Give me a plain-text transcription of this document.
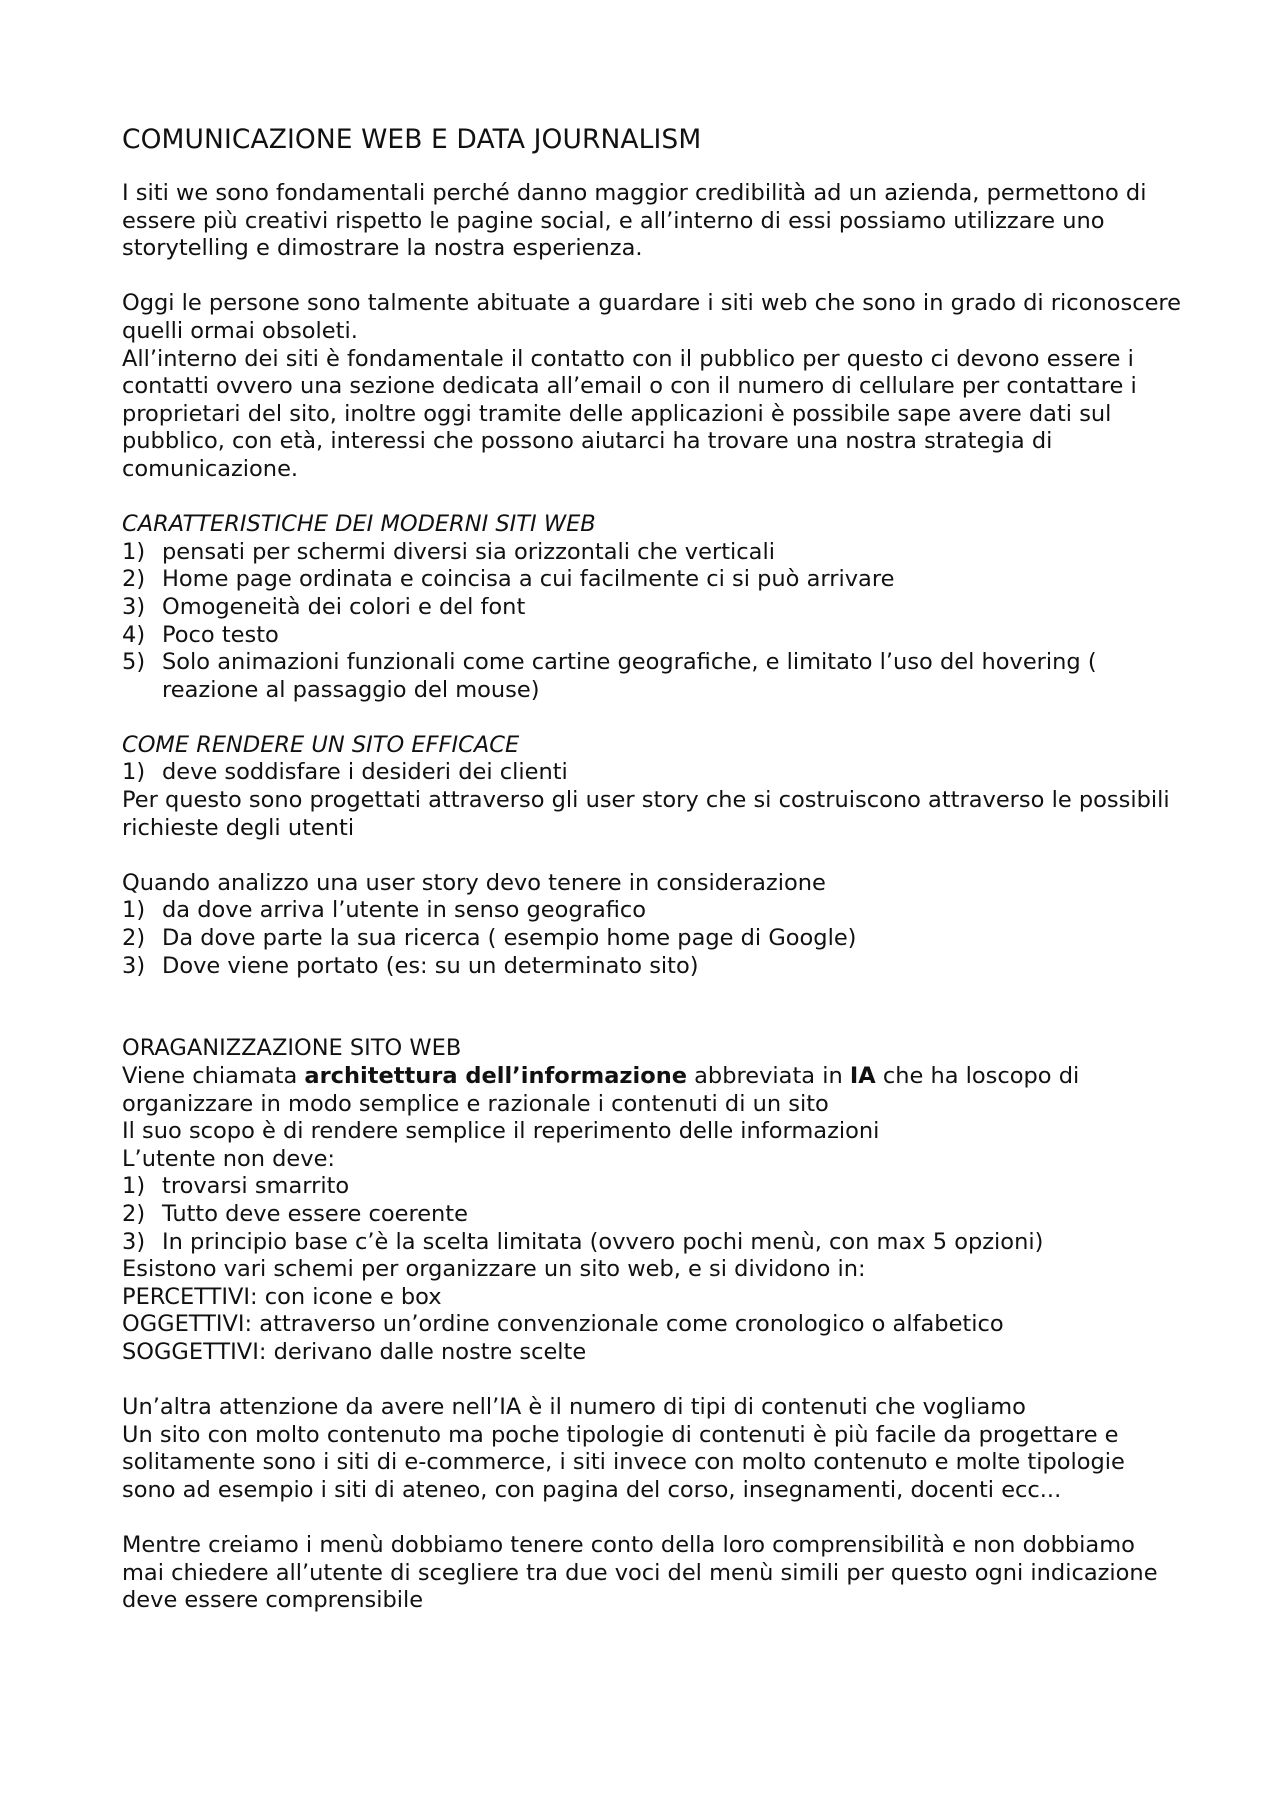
COMUNICAZIONE WEB E DATA JOURNALISM

I siti we sono fondamentali perché danno maggior credibilità ad un azienda, permettono di essere più creativi rispetto le pagine social, e all’interno di essi possiamo utilizzare uno storytelling e dimostrare la nostra esperienza.

Oggi le persone sono talmente abituate a guardare i siti web che sono in grado di riconoscere quelli ormai obsoleti.

All’interno dei siti è fondamentale il contatto con il pubblico per questo ci devono essere i contatti ovvero una sezione dedicata all’email o con il numero di cellulare per contattare i proprietari del sito, inoltre oggi tramite delle applicazioni è possibile sape avere dati sul pubblico, con età, interessi che possono aiutarci ha trovare una nostra strategia di comunicazione.

CARATTERISTICHE DEI MODERNI SITI WEB

1) pensati per schermi diversi sia orizzontali che verticali
2) Home page ordinata e coincisa a cui facilmente ci si può arrivare
3) Omogeneità dei colori e del font
4) Poco testo
5) Solo animazioni funzionali come cartine geografiche, e limitato l’uso del hovering ( reazione al passaggio del mouse)

COME RENDERE UN SITO EFFICACE

1) deve soddisfare i desideri dei clienti

Per questo sono progettati attraverso gli user story che si costruiscono attraverso le possibili richieste degli utenti

Quando analizzo una user story devo tenere in considerazione

1) da dove arriva l’utente in senso geografico
2) Da dove parte la sua ricerca ( esempio home page di Google)
3) Dove viene portato (es: su un determinato sito)

ORAGANIZZAZIONE SITO WEB

Viene chiamata architettura dell’informazione abbreviata in IA che ha loscopo di organizzare in modo semplice e razionale i contenuti di un sito

Il suo scopo è di rendere semplice il reperimento delle informazioni

L’utente non deve:

1) trovarsi smarrito
2) Tutto deve essere coerente
3) In principio base c’è la scelta limitata (ovvero pochi menù, con max 5 opzioni)

Esistono vari schemi per organizzare un sito web, e si dividono in:

PERCETTIVI: con icone e box

OGGETTIVI: attraverso un’ordine convenzionale come cronologico o alfabetico

SOGGETTIVI: derivano dalle nostre scelte

Un’altra attenzione da avere nell’IA è il numero di tipi di contenuti che vogliamo

Un sito con molto contenuto ma poche tipologie di contenuti è più facile da progettare e solitamente sono i siti di e-commerce, i siti invece con molto contenuto e molte tipologie sono ad esempio i siti di ateneo, con pagina del corso, insegnamenti, docenti ecc...

Mentre creiamo i menù dobbiamo tenere conto della loro comprensibilità e non dobbiamo mai chiedere all’utente di scegliere tra due voci del menù simili per questo ogni indicazione deve essere comprensibile
